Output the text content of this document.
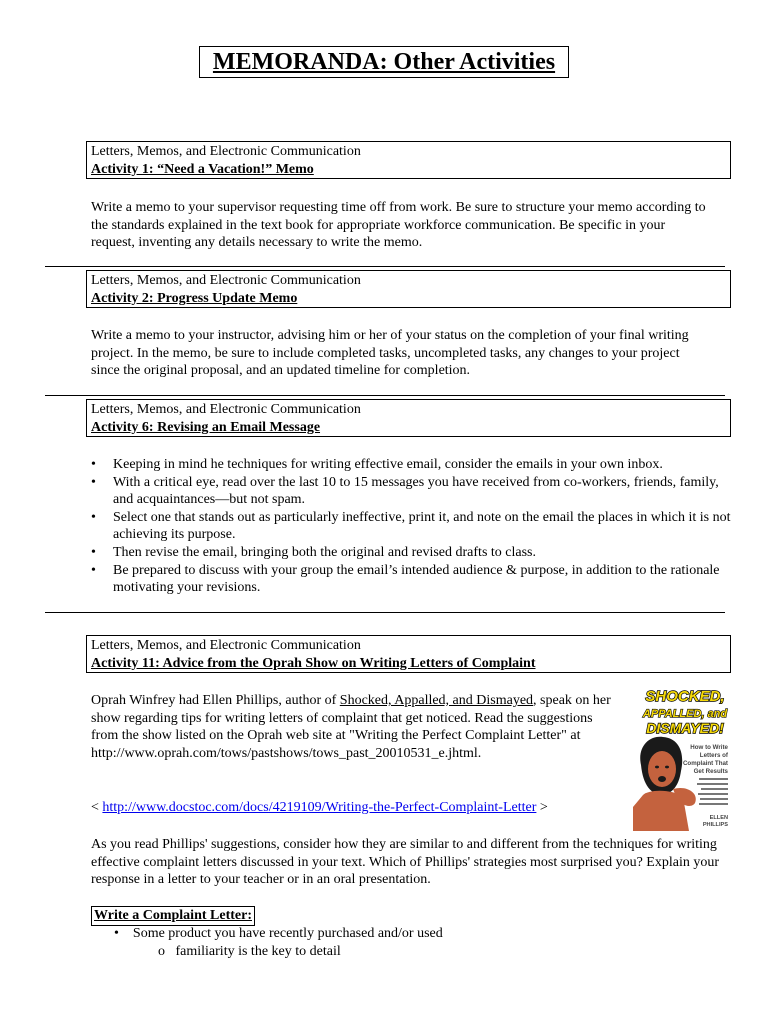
MEMORANDA: Other Activities
Letters, Memos, and Electronic Communication
Activity 1: “Need a Vacation!” Memo

Write a memo to your supervisor requesting time off from work. Be sure to structure your memo according to the standards explained in the text book for appropriate workforce communication. Be specific in your request, inventing any details necessary to write the memo.

Letters, Memos, and Electronic Communication
Activity 2: Progress Update Memo

Write a memo to your instructor, advising him or her of your status on the completion of your final writing project. In the memo, be sure to include completed tasks, uncompleted tasks, any changes to your project since the original proposal, and an updated timeline for completion.

Letters, Memos, and Electronic Communication
Activity 6: Revising an Email Message
• Keeping in mind he techniques for writing effective email, consider the emails in your own inbox.
• With a critical eye, read over the last 10 to 15 messages you have received from co-workers, friends, family, and acquaintances—but not spam.
• Select one that stands out as particularly ineffective, print it, and note on the email the places in which it is not achieving its purpose.
• Then revise the email, bringing both the original and revised drafts to class.
• Be prepared to discuss with your group the email’s intended audience & purpose, in addition to the rationale motivating your revisions.
Letters, Memos, and Electronic Communication
Activity 11: Advice from the Oprah Show on Writing Letters of Complaint

Oprah Winfrey had Ellen Phillips, author of Shocked, Appalled, and Dismayed, speak on her show regarding tips for writing letters of complaint that get noticed. Read the suggestions from the show listed on the Oprah web site at "Writing the Perfect Complaint Letter" at http://www.oprah.com/tows/pastshows/tows_past_20010531_e.jhtml.

< http://www.docstoc.com/docs/4219109/Writing-the-Perfect-Complaint-Letter >

As you read Phillips' suggestions, consider how they are similar to and different from the techniques for writing effective complaint letters discussed in your text. Which of Phillips' strategies most surprised you? Explain your response in a letter to your teacher or in an oral presentation.

Write a Complaint Letter:
• Some product you have recently purchased and/or used
o familiarity is the key to detail
SHOCKED,
APPALLED, and
DISMAYED!
How to Write
Letters of
Complaint That
Get Results
ELLEN
PHILLIPS
